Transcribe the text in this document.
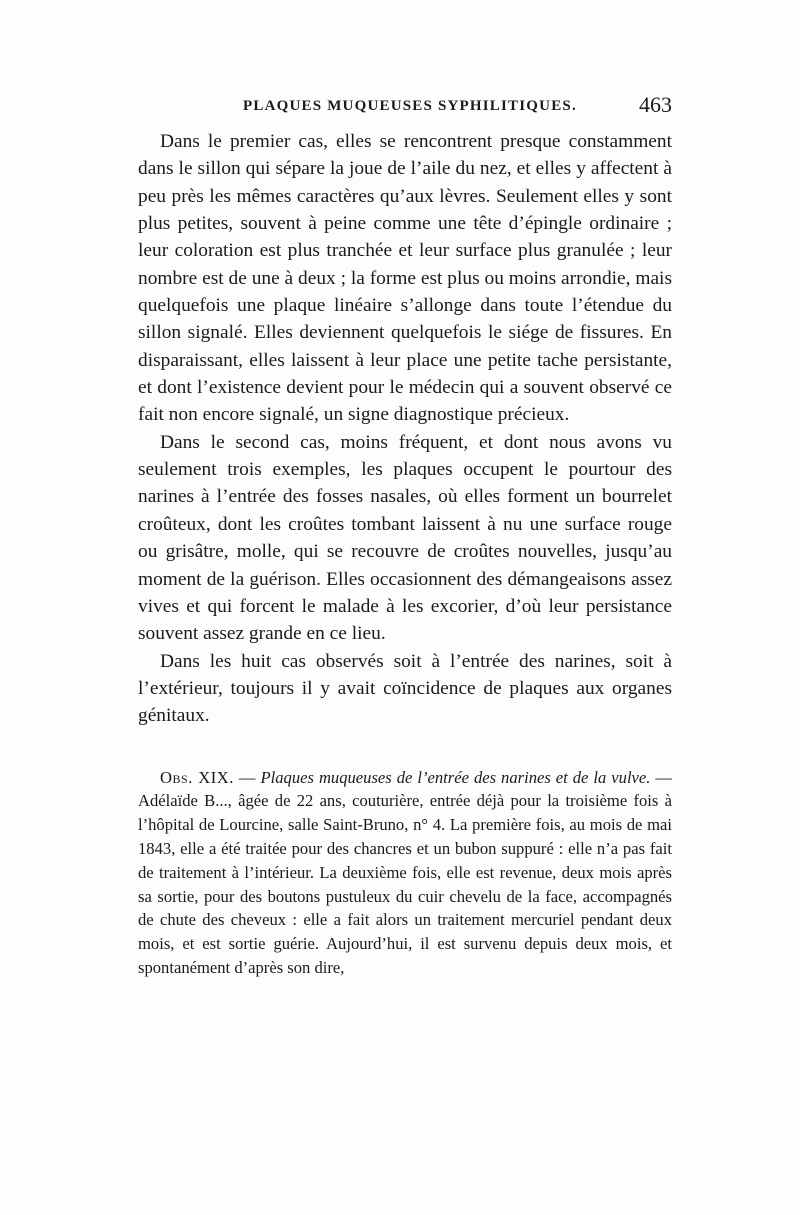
PLAQUES MUQUEUSES SYPHILITIQUES.	463

Dans le premier cas, elles se rencontrent presque constamment dans le sillon qui sépare la joue de l’aile du nez, et elles y affectent à peu près les mêmes caractères qu’aux lèvres. Seulement elles y sont plus petites, souvent à peine comme une tête d’épingle ordinaire ; leur coloration est plus tranchée et leur surface plus granulée ; leur nombre est de une à deux ; la forme est plus ou moins arrondie, mais quelquefois une plaque linéaire s’allonge dans toute l’étendue du sillon signalé. Elles deviennent quelquefois le siége de fissures. En disparaissant, elles laissent à leur place une petite tache persistante, et dont l’existence devient pour le médecin qui a souvent observé ce fait non encore signalé, un signe diagnostique précieux.

Dans le second cas, moins fréquent, et dont nous avons vu seulement trois exemples, les plaques occupent le pourtour des narines à l’entrée des fosses nasales, où elles forment un bourrelet croûteux, dont les croûtes tombant laissent à nu une surface rouge ou grisâtre, molle, qui se recouvre de croûtes nouvelles, jusqu’au moment de la guérison. Elles occasionnent des démangeaisons assez vives et qui forcent le malade à les excorier, d’où leur persistance souvent assez grande en ce lieu.

Dans les huit cas observés soit à l’entrée des narines, soit à l’extérieur, toujours il y avait coïncidence de plaques aux organes génitaux.

Obs. XIX. — Plaques muqueuses de l’entrée des narines et de la vulve. — Adélaïde B..., âgée de 22 ans, couturière, entrée déjà pour la troisième fois à l’hôpital de Lourcine, salle Saint-Bruno, n° 4. La première fois, au mois de mai 1843, elle a été traitée pour des chancres et un bubon suppuré : elle n’a pas fait de traitement à l’intérieur. La deuxième fois, elle est revenue, deux mois après sa sortie, pour des boutons pustuleux du cuir chevelu de la face, accompagnés de chute des cheveux : elle a fait alors un traitement mercuriel pendant deux mois, et est sortie guérie. Aujourd’hui, il est survenu depuis deux mois, et spontanément d’après son dire,
